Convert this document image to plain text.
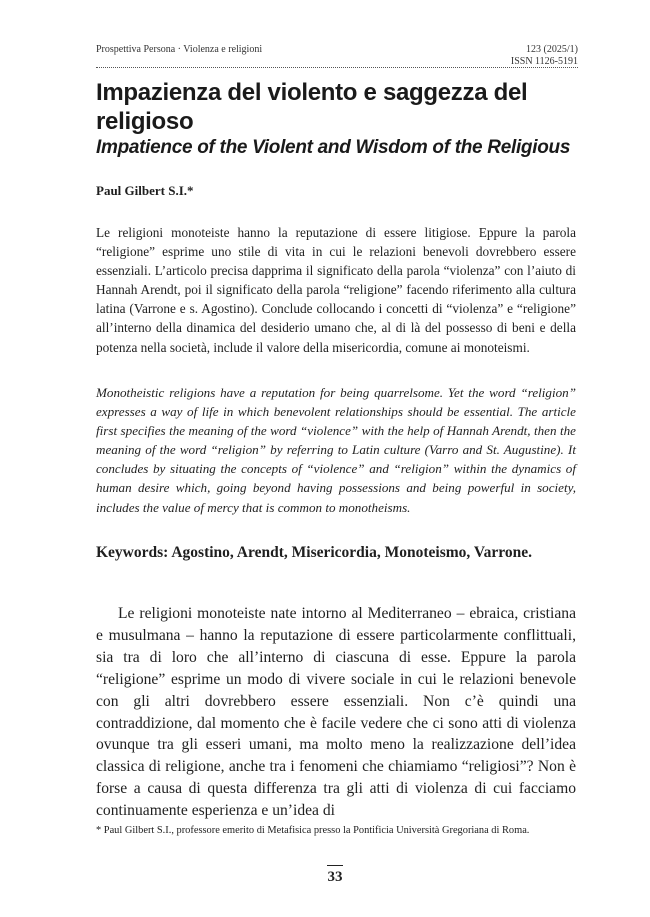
Prospettiva Persona · Violenza e religioni	123 (2025/1)
ISSN 1126-5191
Impazienza del violento e saggezza del religioso
Impatience of the Violent and Wisdom of the Religious
Paul Gilbert S.I.*

Le religioni monoteiste hanno la reputazione di essere litigiose. Eppure la parola “religione” esprime uno stile di vita in cui le relazioni benevoli dovrebbero essere essenziali. L’articolo precisa dapprima il significato della parola “violenza” con l’aiuto di Hannah Arendt, poi il significato della parola “religione” facendo riferimento alla cultura latina (Varrone e s. Agostino). Conclude collocando i concetti di “violenza” e “religione” all’interno della dinamica del desiderio umano che, al di là del possesso di beni e della potenza nella società, include il valore della misericordia, comune ai monoteismi.

Monotheistic religions have a reputation for being quarrelsome. Yet the word “religion” expresses a way of life in which benevolent relationships should be essential. The article first specifies the meaning of the word “violence” with the help of Hannah Arendt, then the meaning of the word “religion” by referring to Latin culture (Varro and St. Augustine). It concludes by situating the concepts of “violence” and “religion” within the dynamics of human desire which, going beyond having possessions and being powerful in society, includes the value of mercy that is common to monotheisms.

Keywords: Agostino, Arendt, Misericordia, Monoteismo, Varrone.

Le religioni monoteiste nate intorno al Mediterraneo – ebraica, cristiana e musulmana – hanno la reputazione di essere particolarmente conflittuali, sia tra di loro che all’interno di ciascuna di esse. Eppure la parola “religione” esprime un modo di vivere sociale in cui le relazioni benevole con gli altri dovrebbero essere essenziali. Non c’è quindi una contraddizione, dal momento che è facile vedere che ci sono atti di violenza ovunque tra gli esseri umani, ma molto meno la realizzazione dell’idea classica di religione, anche tra i fenomeni che chiamiamo “religiosi”? Non è forse a causa di questa differenza tra gli atti di violenza di cui facciamo continuamente esperienza e un’idea di

* Paul Gilbert S.I., professore emerito di Metafisica presso la Pontificia Università Gregoriana di Roma.

33
